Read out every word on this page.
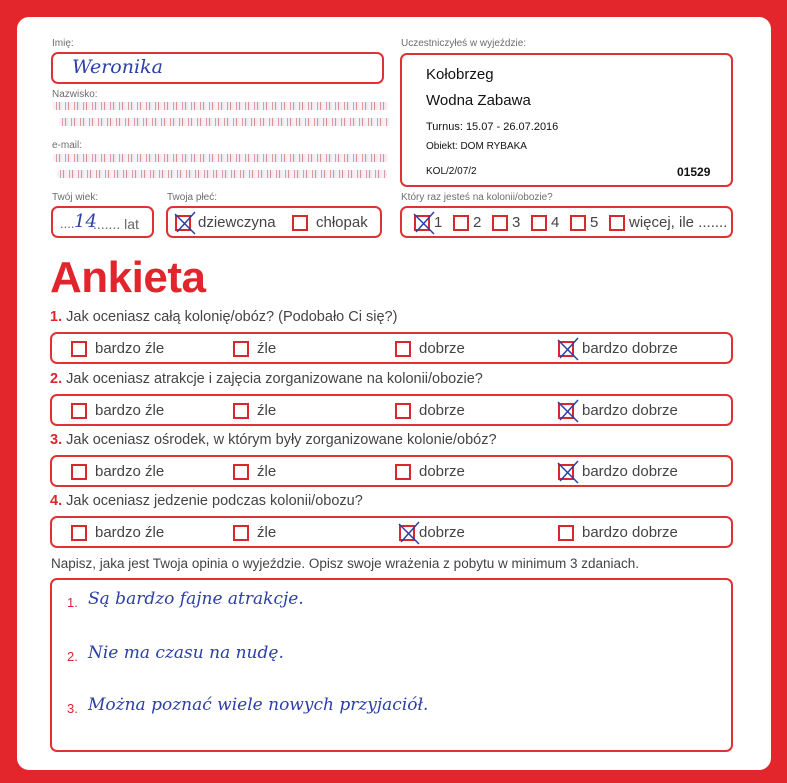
Imię:
Weronika
Nazwisko:
e-mail:
Uczestniczyłeś w wyjeździe:
Kołobrzeg
Wodna Zabawa
Turnus: 15.07 - 26.07.2016
Obiekt: DOM RYBAKA
KOL/2/07/2	01529
Twój wiek:
.... 14
....... lat
Twoja płeć:
dziewczyna	chłopak
Który raz jesteś na kolonii/obozie?
1 2 3 4 5 więcej, ile .......
Ankieta
1. Jak oceniasz całą kolonię/obóz? (Podobało Ci się?)
bardzo źle	źle	dobrze	bardzo dobrze
2. Jak oceniasz atrakcje i zajęcia zorganizowane na kolonii/obozie?
bardzo źle	źle	dobrze	bardzo dobrze
3. Jak oceniasz ośrodek, w którym były zorganizowane kolonie/obóz?
bardzo źle	źle	dobrze	bardzo dobrze
4. Jak oceniasz jedzenie podczas kolonii/obozu?
bardzo źle	źle	dobrze	bardzo dobrze
Napisz, jaka jest Twoja opinia o wyjeździe. Opisz swoje wrażenia z pobytu w minimum 3 zdaniach.
1. Są bardzo fajne atrakcje.
2. Nie ma czasu na nudę.
3. Można poznać wiele nowych przyjaciół.
